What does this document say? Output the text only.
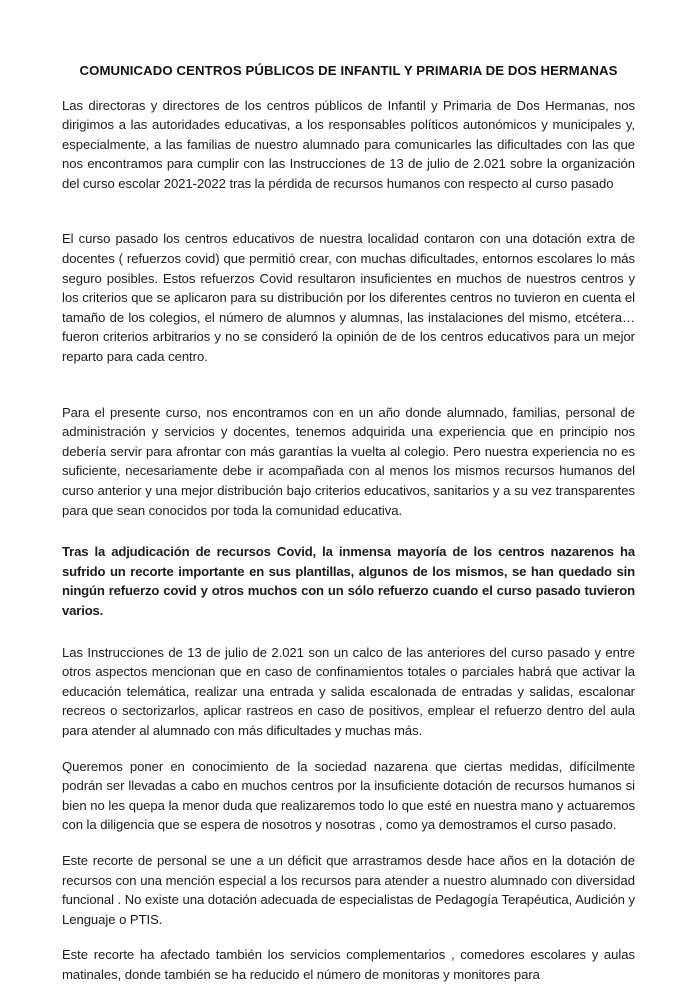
COMUNICADO CENTROS PÚBLICOS DE INFANTIL Y PRIMARIA DE DOS HERMANAS

Las directoras y directores de los centros públicos de Infantil y Primaria de Dos Hermanas, nos dirigimos a las autoridades educativas, a los responsables políticos autonómicos y municipales y, especialmente, a las familias de nuestro alumnado para comunicarles las dificultades con las que nos encontramos para cumplir con las Instrucciones de 13 de julio de 2.021 sobre la organización del curso escolar 2021-2022 tras la pérdida de recursos humanos con respecto al curso pasado

El curso pasado los centros educativos de nuestra localidad contaron con una dotación extra de docentes ( refuerzos covid) que permitió crear, con muchas dificultades, entornos escolares lo más seguro posibles. Estos refuerzos Covid resultaron insuficientes en muchos de nuestros centros y los criterios que se aplicaron para su distribución por los diferentes centros no tuvieron en cuenta el tamaño de los colegios, el número de alumnos y alumnas, las instalaciones del mismo, etcétera…fueron criterios arbitrarios y no se consideró la opinión de de los centros educativos para un mejor reparto para cada centro.

Para el presente curso, nos encontramos con en un año donde alumnado, familias, personal de administración y servicios y docentes, tenemos adquirida una experiencia que en principio nos debería servir para afrontar con más garantías la vuelta al colegio. Pero nuestra experiencia no es suficiente, necesariamente debe ir acompañada con al menos los mismos recursos humanos del curso anterior y una mejor distribución bajo criterios educativos, sanitarios y a su vez transparentes para que sean conocidos por toda la comunidad educativa.

Tras la adjudicación de recursos Covid, la inmensa mayoría de los centros nazarenos ha sufrido un recorte importante en sus plantillas, algunos de los mismos, se han quedado sin ningún refuerzo covid y otros muchos con un sólo refuerzo cuando el curso pasado tuvieron varios.

Las Instrucciones de 13 de julio de 2.021 son un calco de las anteriores del curso pasado y entre otros aspectos mencionan que en caso de confinamientos totales o parciales habrá que activar la educación telemática, realizar una entrada y salida escalonada de entradas y salidas, escalonar recreos o sectorizarlos, aplicar rastreos en caso de positivos, emplear el refuerzo dentro del aula para atender al alumnado con más dificultades y muchas más.

Queremos poner en conocimiento de la sociedad nazarena que ciertas medidas, difícilmente podrán ser llevadas a cabo en muchos centros por la insuficiente dotación de recursos humanos si bien no les quepa la menor duda que realizaremos todo lo que esté en nuestra mano y actuaremos con la diligencia que se espera de nosotros y nosotras , como ya demostramos el curso pasado.

Este recorte de personal se une a un déficit que arrastramos desde hace años en la dotación de recursos con una mención especial a los recursos para atender a nuestro alumnado con diversidad funcional . No existe una dotación adecuada de especialistas de Pedagogía Terapéutica, Audición y Lenguaje o PTIS.

Este recorte ha afectado también los servicios complementarios , comedores escolares y aulas matinales, donde también se ha reducido el número de monitoras y monitores para
